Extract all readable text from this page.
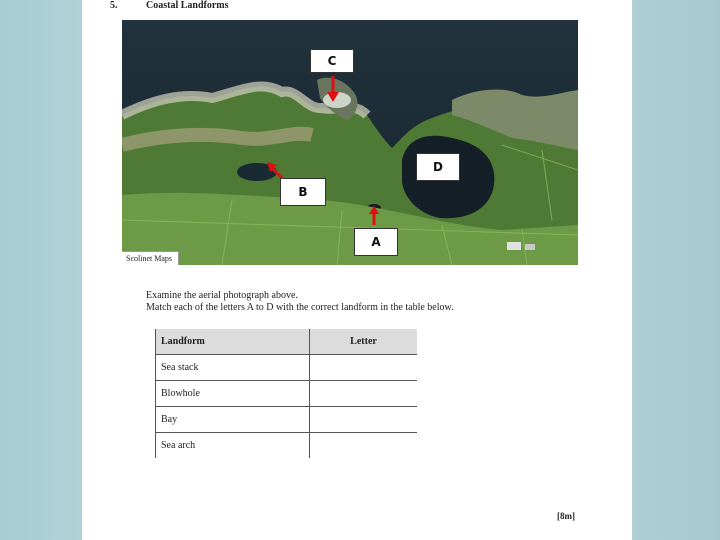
5.	Coastal Landforms
C
D
B
A
Scolinet Maps
Examine the aerial photograph above.
Match each of the letters A to D with the correct landform in the table below.
Landform	Letter
Sea stack	
Blowhole	
Bay	
Sea arch	
[8m]
